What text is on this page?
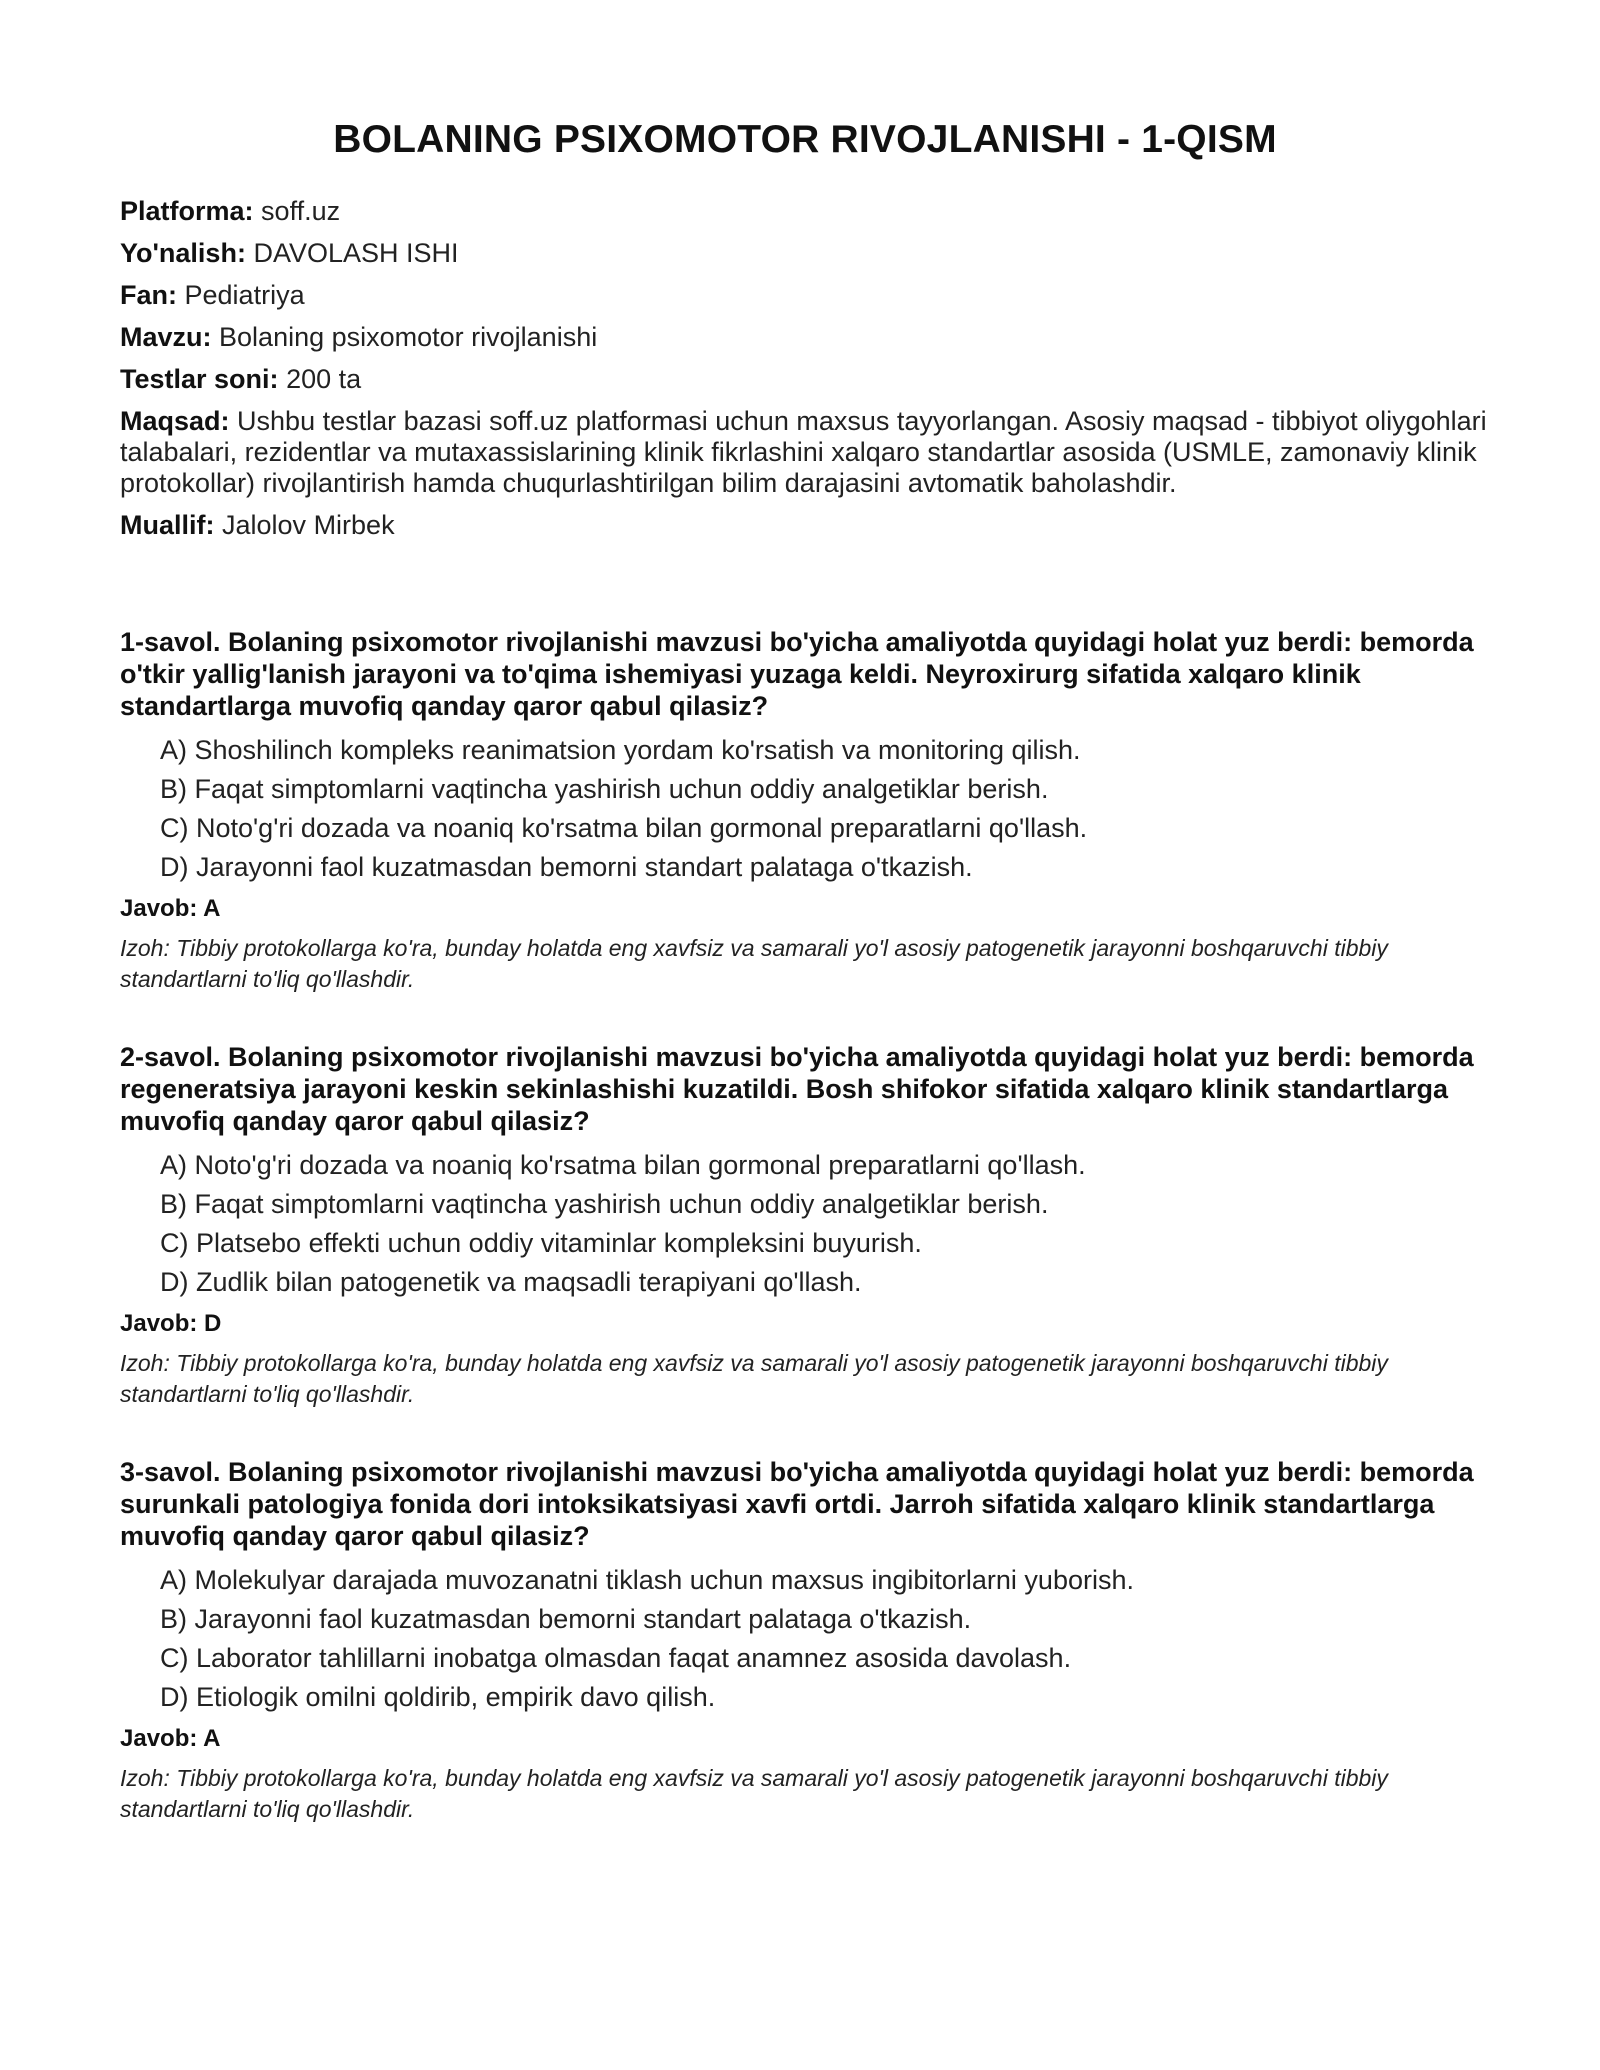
BOLANING PSIXOMOTOR RIVOJLANISHI - 1-QISM
Platforma: soff.uz
Yo'nalish: DAVOLASH ISHI
Fan: Pediatriya
Mavzu: Bolaning psixomotor rivojlanishi
Testlar soni: 200 ta
Maqsad: Ushbu testlar bazasi soff.uz platformasi uchun maxsus tayyorlangan. Asosiy maqsad - tibbiyot oliygohlari talabalari, rezidentlar va mutaxassislarining klinik fikrlashini xalqaro standartlar asosida (USMLE, zamonaviy klinik protokollar) rivojlantirish hamda chuqurlashtirilgan bilim darajasini avtomatik baholashdir.
Muallif: Jalolov Mirbek
1-savol. Bolaning psixomotor rivojlanishi mavzusi bo'yicha amaliyotda quyidagi holat yuz berdi: bemorda o'tkir yallig'lanish jarayoni va to'qima ishemiyasi yuzaga keldi. Neyroxirurg sifatida xalqaro klinik standartlarga muvofiq qanday qaror qabul qilasiz?
A) Shoshilinch kompleks reanimatsion yordam ko'rsatish va monitoring qilish.
B) Faqat simptomlarni vaqtincha yashirish uchun oddiy analgetiklar berish.
C) Noto'g'ri dozada va noaniq ko'rsatma bilan gormonal preparatlarni qo'llash.
D) Jarayonni faol kuzatmasdan bemorni standart palataga o'tkazish.
Javob: A
Izoh: Tibbiy protokollarga ko'ra, bunday holatda eng xavfsiz va samarali yo'l asosiy patogenetik jarayonni boshqaruvchi tibbiy standartlarni to'liq qo'llashdir.
2-savol. Bolaning psixomotor rivojlanishi mavzusi bo'yicha amaliyotda quyidagi holat yuz berdi: bemorda regeneratsiya jarayoni keskin sekinlashishi kuzatildi. Bosh shifokor sifatida xalqaro klinik standartlarga muvofiq qanday qaror qabul qilasiz?
A) Noto'g'ri dozada va noaniq ko'rsatma bilan gormonal preparatlarni qo'llash.
B) Faqat simptomlarni vaqtincha yashirish uchun oddiy analgetiklar berish.
C) Platsebo effekti uchun oddiy vitaminlar kompleksini buyurish.
D) Zudlik bilan patogenetik va maqsadli terapiyani qo'llash.
Javob: D
Izoh: Tibbiy protokollarga ko'ra, bunday holatda eng xavfsiz va samarali yo'l asosiy patogenetik jarayonni boshqaruvchi tibbiy standartlarni to'liq qo'llashdir.
3-savol. Bolaning psixomotor rivojlanishi mavzusi bo'yicha amaliyotda quyidagi holat yuz berdi: bemorda surunkali patologiya fonida dori intoksikatsiyasi xavfi ortdi. Jarroh sifatida xalqaro klinik standartlarga muvofiq qanday qaror qabul qilasiz?
A) Molekulyar darajada muvozanatni tiklash uchun maxsus ingibitorlarni yuborish.
B) Jarayonni faol kuzatmasdan bemorni standart palataga o'tkazish.
C) Laborator tahlillarni inobatga olmasdan faqat anamnez asosida davolash.
D) Etiologik omilni qoldirib, empirik davo qilish.
Javob: A
Izoh: Tibbiy protokollarga ko'ra, bunday holatda eng xavfsiz va samarali yo'l asosiy patogenetik jarayonni boshqaruvchi tibbiy standartlarni to'liq qo'llashdir.
